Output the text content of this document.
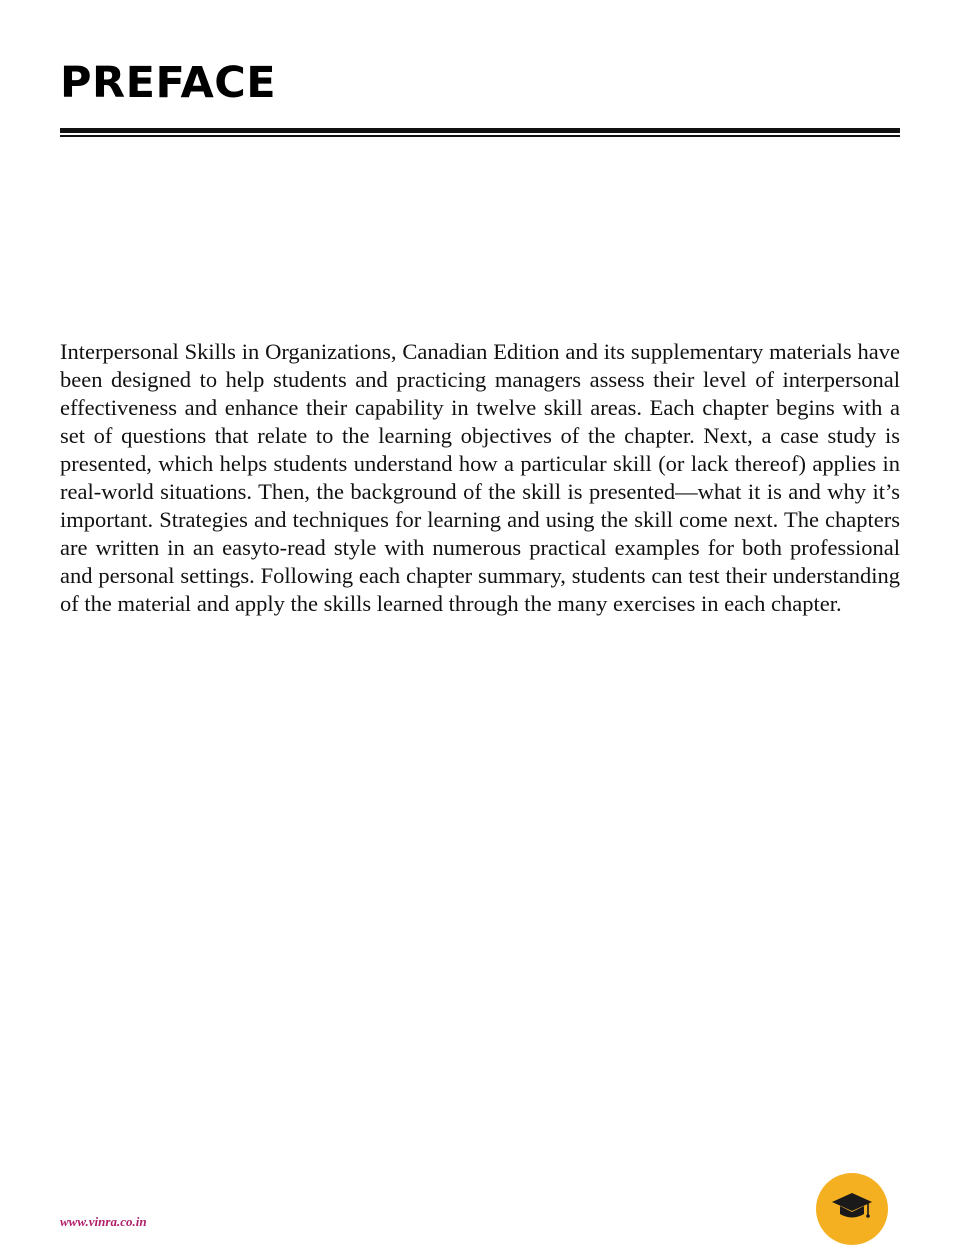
PREFACE

Interpersonal Skills in Organizations, Canadian Edition and its supplementary materials have been designed to help students and practicing managers assess their level of interpersonal effectiveness and enhance their capability in twelve skill areas. Each chapter begins with a set of questions that relate to the learning objectives of the chapter. Next, a case study is presented, which helps students understand how a particular skill (or lack thereof) applies in real-world situations. Then, the background of the skill is presented—what it is and why it’s important. Strategies and techniques for learning and using the skill come next. The chapters are written in an easyto-read style with numerous practical examples for both professional and personal settings. Following each chapter summary, students can test their understanding of the material and apply the skills learned through the many exercises in each chapter.

www.vinra.co.in
